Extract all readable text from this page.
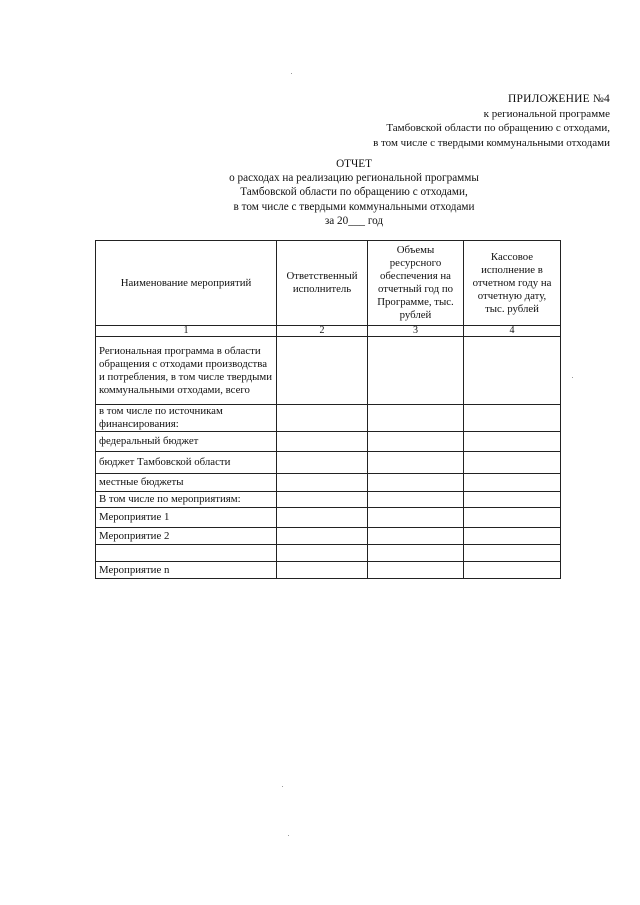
ПРИЛОЖЕНИЕ №4
к региональной программе
Тамбовской области по обращению с отходами,
в том числе с твердыми коммунальными отходами
ОТЧЕТ
о расходах на реализацию региональной программы
Тамбовской области по обращению с отходами,
в том числе с твердыми коммунальными отходами
за 20___ год
Наименование мероприятий	Ответственный исполнитель	Объемы ресурсного обеспечения на отчетный год по Программе, тыс. рублей	Кассовое исполнение в отчетном году на отчетную дату, тыс. рублей
1	2	3	4
Региональная программа в области обращения с отходами производства и потребления, в том числе твердыми коммунальными отходами, всего			
в том числе по источникам финансирования:			
федеральный бюджет			
бюджет Тамбовской области			
местные бюджеты			
В том числе по мероприятиям:			
Мероприятие 1			
Мероприятие 2			

Мероприятие n			
